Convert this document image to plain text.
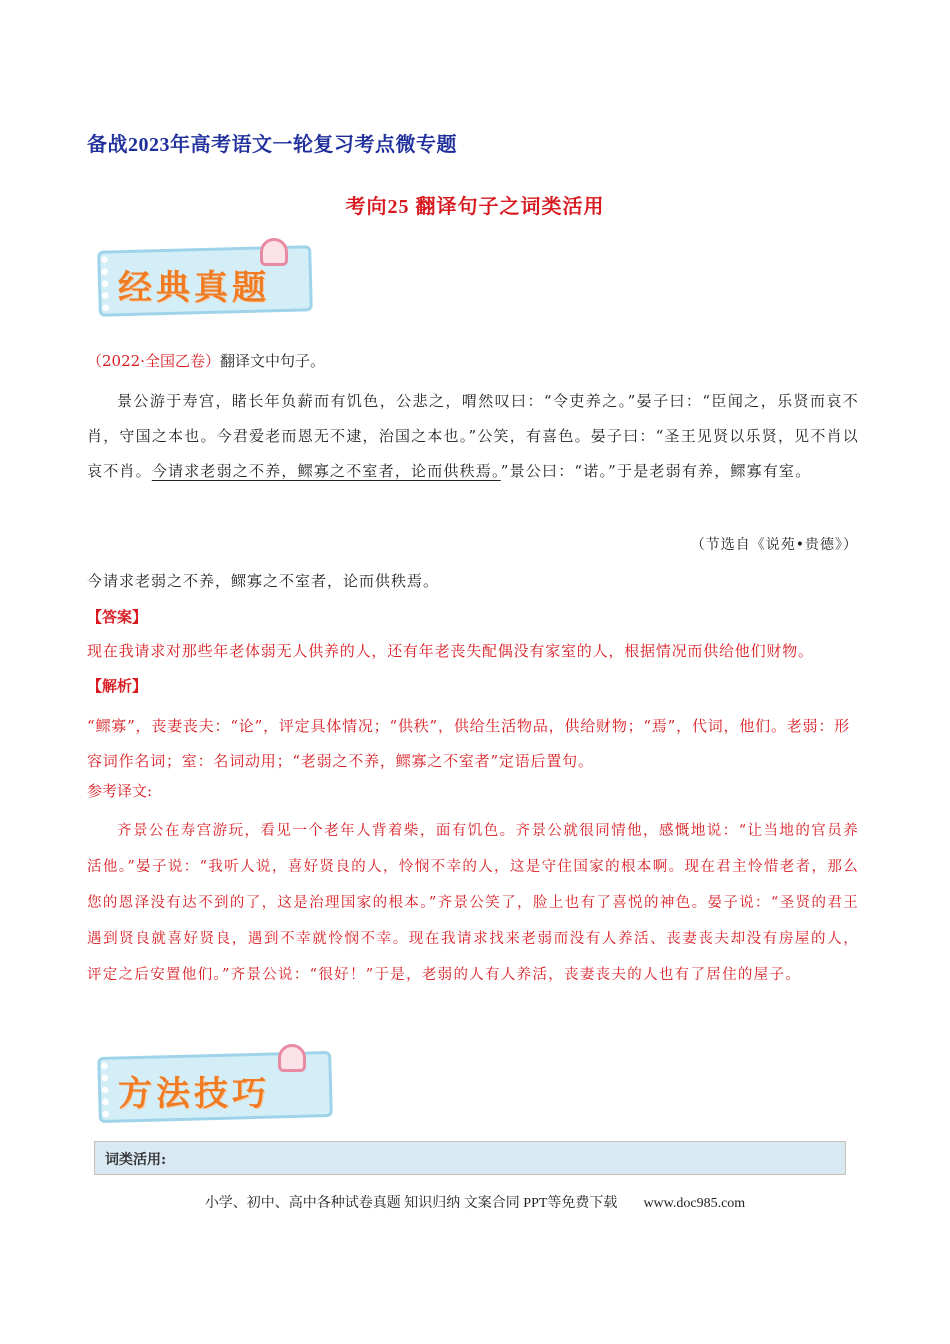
备战2023年高考语文一轮复习考点微专题
考向25 翻译句子之词类活用
经典真题
（2022·全国乙卷）翻译文中句子。
景公游于寿宫，睹长年负薪而有饥色，公悲之，喟然叹曰：“令吏养之。”晏子曰：“臣闻之，乐贤而哀不肖，守国之本也。今君爱老而恩无不逮，治国之本也。”公笑，有喜色。晏子曰：“圣王见贤以乐贤，见不肖以哀不肖。今请求老弱之不养，鳏寡之不室者，论而供秩焉。”景公曰：“诺。”于是老弱有养，鳏寡有室。
（节选自《说苑•贵德》）
今请求老弱之不养，鳏寡之不室者，论而供秩焉。
【答案】
现在我请求对那些年老体弱无人供养的人，还有年老丧失配偶没有家室的人，根据情况而供给他们财物。
【解析】
“鳏寡”，丧妻丧夫：“论”，评定具体情况；“供秩”，供给生活物品，供给财物；“焉”，代词，他们。老弱：形容词作名词；室：名词动用；“老弱之不养，鳏寡之不室者”定语后置句。
参考译文:
齐景公在寿宫游玩，看见一个老年人背着柴，面有饥色。齐景公就很同情他，感慨地说：“让当地的官员养活他。”晏子说：“我听人说，喜好贤良的人，怜悯不幸的人，这是守住国家的根本啊。现在君主怜惜老者，那么您的恩泽没有达不到的了，这是治理国家的根本。”齐景公笑了，脸上也有了喜悦的神色。晏子说：“圣贤的君王遇到贤良就喜好贤良，遇到不幸就怜悯不幸。现在我请求找来老弱而没有人养活、丧妻丧夫却没有房屋的人，评定之后安置他们。”齐景公说：“很好！”于是，老弱的人有人养活，丧妻丧夫的人也有了居住的屋子。
方法技巧
词类活用:
小学、初中、高中各种试卷真题 知识归纳 文案合同 PPT等免费下载 www.doc985.com
